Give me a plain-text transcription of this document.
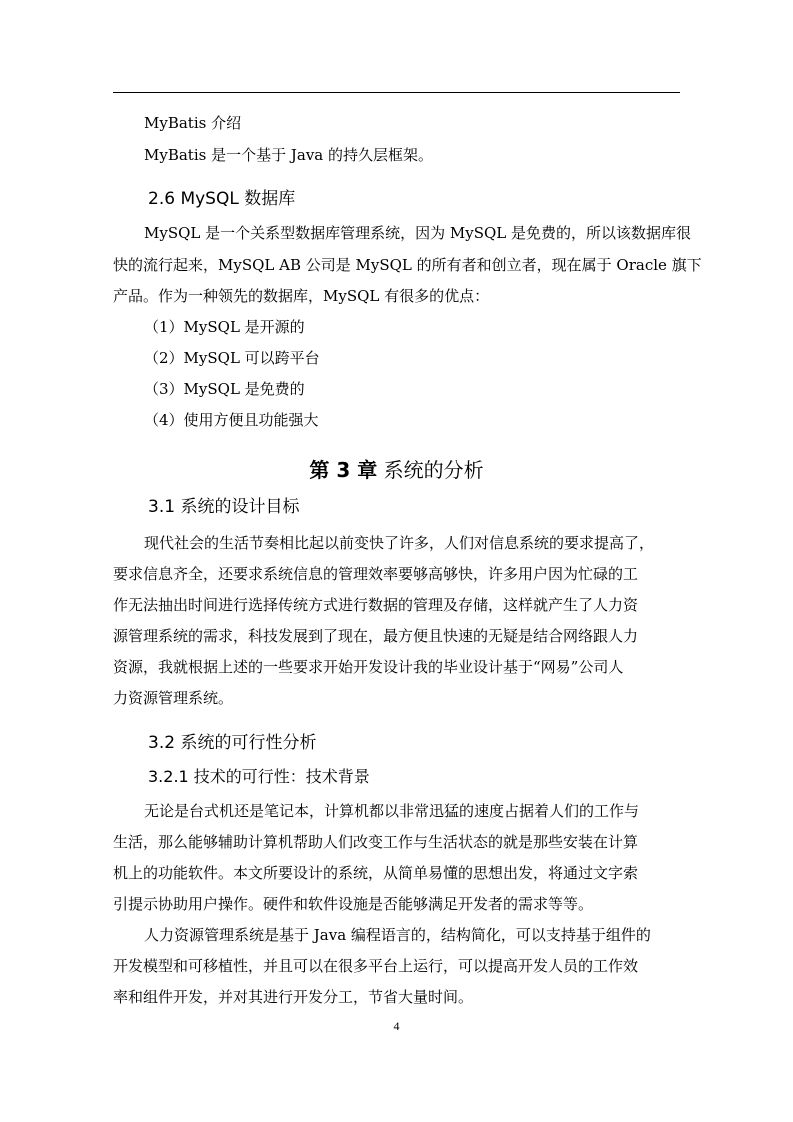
MyBatis 介绍
MyBatis 是一个基于 Java 的持久层框架。
2.6 MySQL 数据库
MySQL 是一个关系型数据库管理系统，因为 MySQL 是免费的，所以该数据库很
快的流行起来，MySQL AB 公司是 MySQL 的所有者和创立者，现在属于 Oracle 旗下
产品。作为一种领先的数据库，MySQL 有很多的优点：
（1）MySQL 是开源的
（2）MySQL 可以跨平台
（3）MySQL 是免费的
（4）使用方便且功能强大
第 3 章 系统的分析
3.1 系统的设计目标
现代社会的生活节奏相比起以前变快了许多，人们对信息系统的要求提高了，
要求信息齐全，还要求系统信息的管理效率要够高够快，许多用户因为忙碌的工
作无法抽出时间进行选择传统方式进行数据的管理及存储，这样就产生了人力资
源管理系统的需求，科技发展到了现在，最方便且快速的无疑是结合网络跟人力
资源，我就根据上述的一些要求开始开发设计我的毕业设计基于“网易”公司人
力资源管理系统。
3.2 系统的可行性分析
3.2.1 技术的可行性：技术背景
无论是台式机还是笔记本，计算机都以非常迅猛的速度占据着人们的工作与
生活，那么能够辅助计算机帮助人们改变工作与生活状态的就是那些安装在计算
机上的功能软件。本文所要设计的系统，从简单易懂的思想出发，将通过文字索
引提示协助用户操作。硬件和软件设施是否能够满足开发者的需求等等。
人力资源管理系统是基于 Java 编程语言的，结构简化，可以支持基于组件的
开发模型和可移植性，并且可以在很多平台上运行，可以提高开发人员的工作效
率和组件开发，并对其进行开发分工，节省大量时间。
4
